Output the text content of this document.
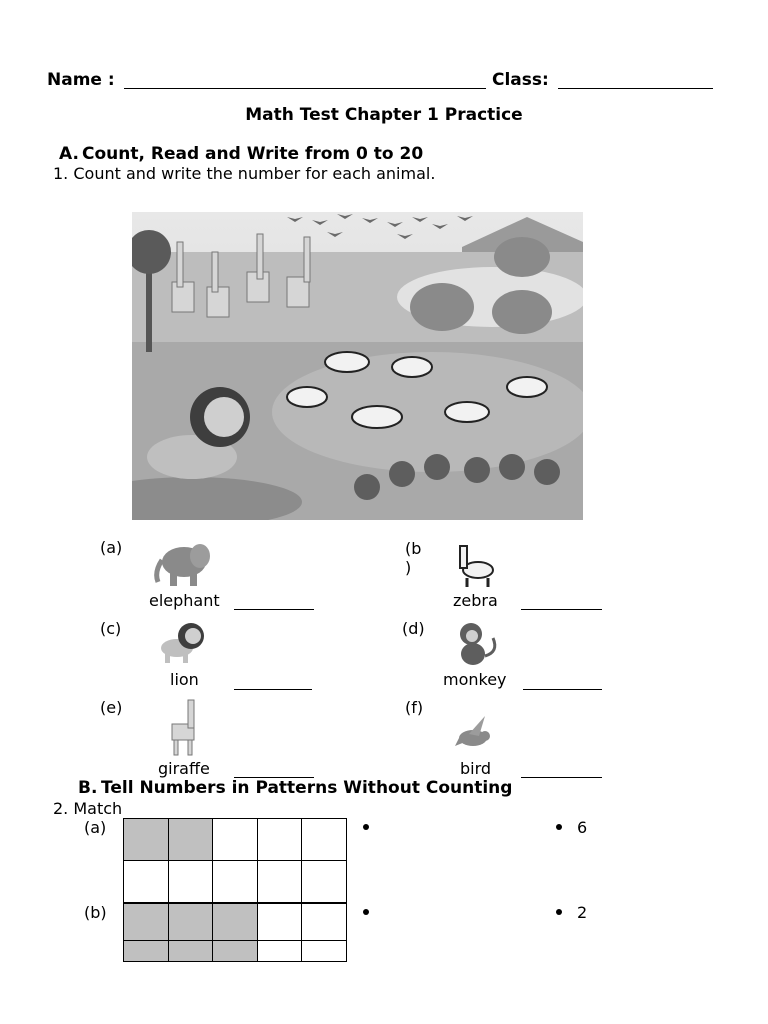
Name :	Class:
Math Test Chapter 1 Practice
A. Count, Read and Write from 0 to 20
1. Count and write the number for each animal.
(a)
elephant
(b
)
zebra
(c)
lion
(d)
monkey
(e)
giraffe
(f)
bird
B. Tell Numbers in Patterns Without Counting
2. Match
(a)

					6
(b)

					2
